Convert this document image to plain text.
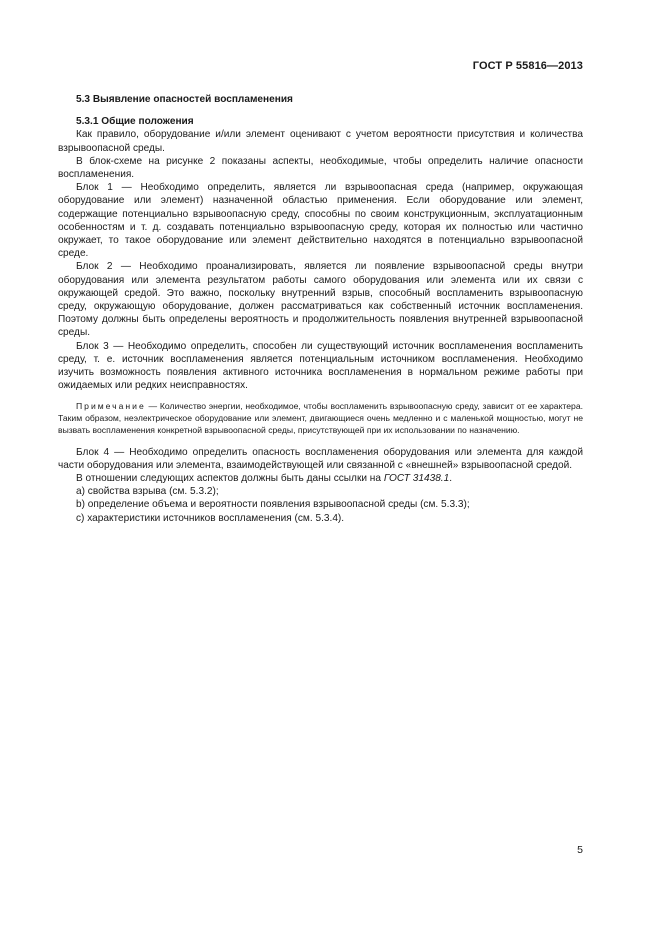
ГОСТ Р 55816—2013
5.3 Выявление опасностей воспламенения
5.3.1 Общие положения

Как правило, оборудование и/или элемент оценивают с учетом вероятности присутствия и количества взрывоопасной среды.

В блок-схеме на рисунке 2 показаны аспекты, необходимые, чтобы определить наличие опасности воспламенения.

Блок 1 — Необходимо определить, является ли взрывоопасная среда (например, окружающая оборудование или элемент) назначенной областью применения. Если оборудование или элемент, содержащие потенциально взрывоопасную среду, способны по своим конструкционным, эксплуатационным особенностям и т. д. создавать потенциально взрывоопасную среду, которая их полностью или частично окружает, то такое оборудование или элемент действительно находятся в потенциально взрывоопасной среде.

Блок 2 — Необходимо проанализировать, является ли появление взрывоопасной среды внутри оборудования или элемента результатом работы самого оборудования или элемента или их связи с окружающей средой. Это важно, поскольку внутренний взрыв, способный воспламенить взрывоопасную среду, окружающую оборудование, должен рассматриваться как собственный источник воспламенения. Поэтому должны быть определены вероятность и продолжительность появления внутренней взрывоопасной среды.

Блок 3 — Необходимо определить, способен ли существующий источник воспламенения воспламенить среду, т. е. источник воспламенения является потенциальным источником воспламенения. Необходимо изучить возможность появления активного источника воспламенения в нормальном режиме работы при ожидаемых или редких неисправностях.

Примечание — Количество энергии, необходимое, чтобы воспламенить взрывоопасную среду, зависит от ее характера. Таким образом, неэлектрическое оборудование или элемент, двигающиеся очень медленно и с маленькой мощностью, могут не вызвать воспламенения конкретной взрывоопасной среды, присутствующей при их использовании по назначению.

Блок 4 — Необходимо определить опасность воспламенения оборудования или элемента для каждой части оборудования или элемента, взаимодействующей или связанной с «внешней» взрывоопасной средой.

В отношении следующих аспектов должны быть даны ссылки на ГОСТ 31438.1.

а) свойства взрыва (см. 5.3.2);
b) определение объема и вероятности появления взрывоопасной среды (см. 5.3.3);
с) характеристики источников воспламенения (см. 5.3.4).
5
